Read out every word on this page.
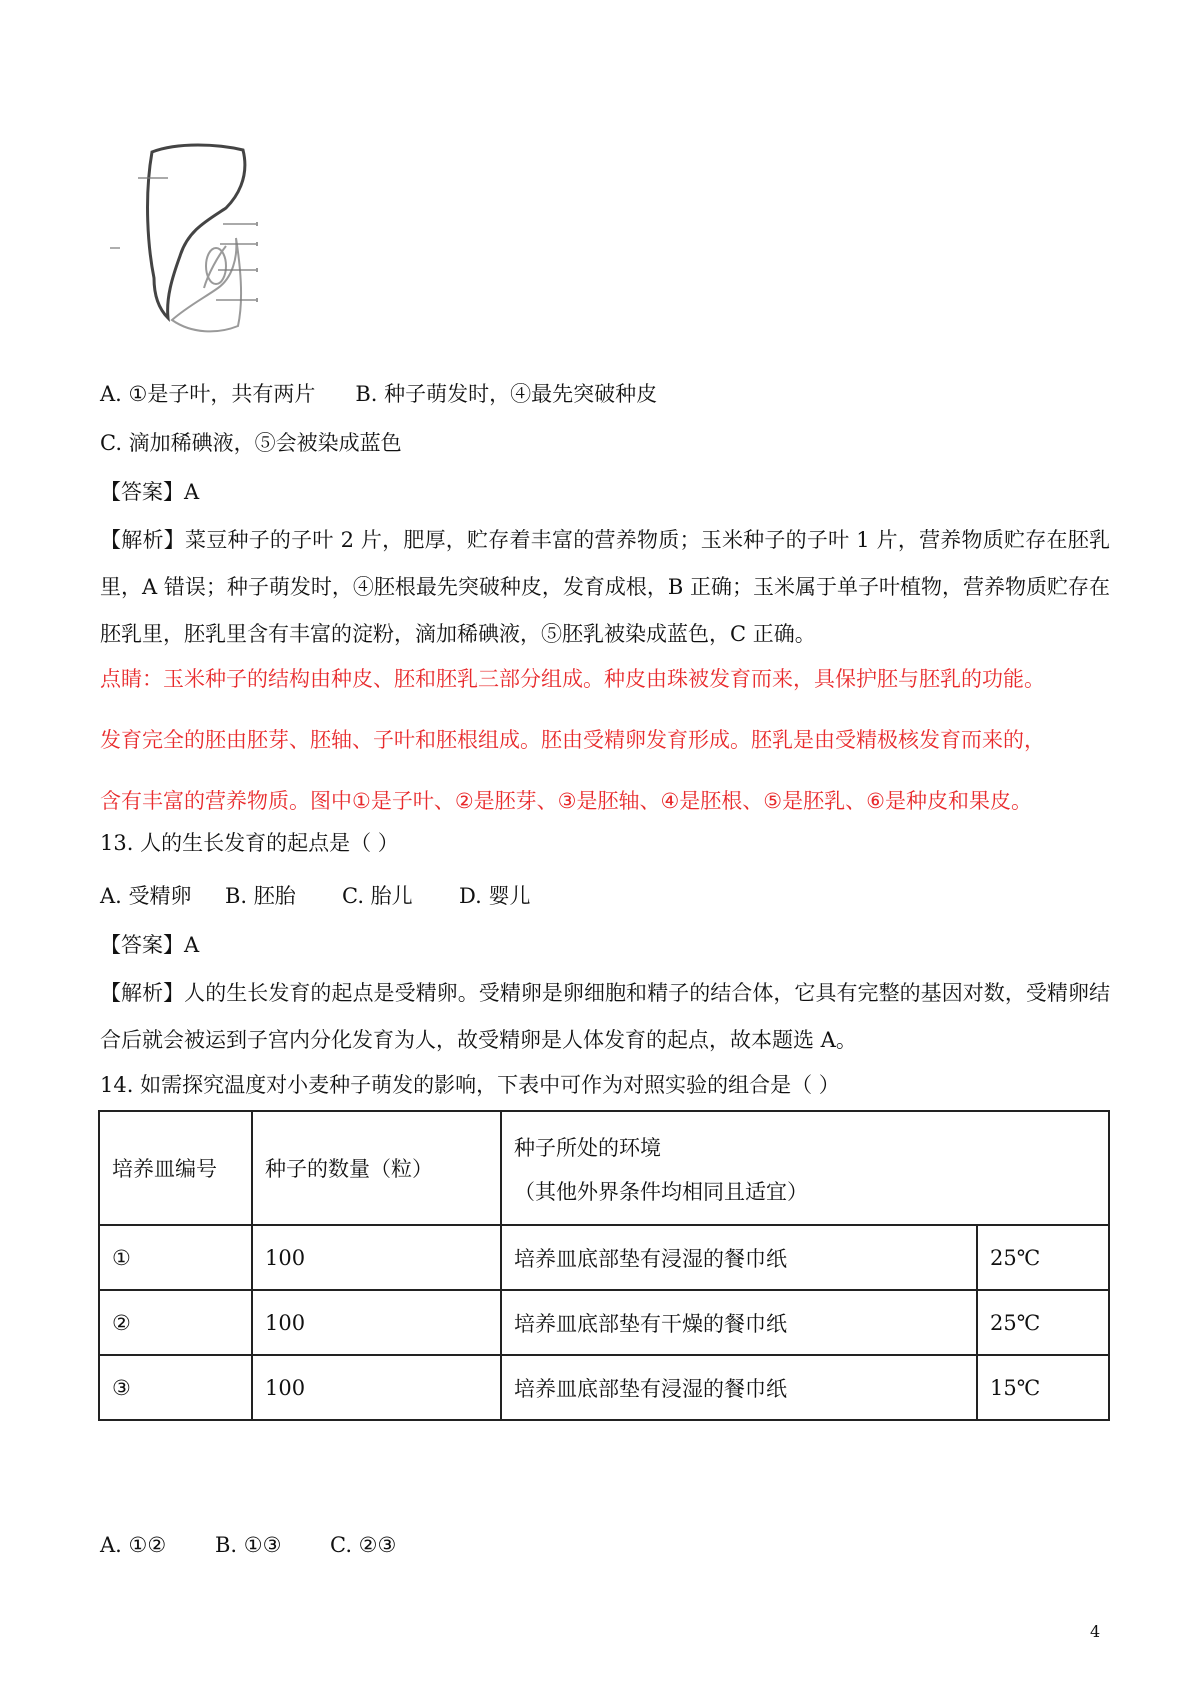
A. ①是子叶，共有两片 B. 种子萌发时，④最先突破种皮
C. 滴加稀碘液，⑤会被染成蓝色
【答案】A
【解析】菜豆种子的子叶 2 片，肥厚，贮存着丰富的营养物质；玉米种子的子叶 1 片，营养物质贮存在胚乳里，A 错误；种子萌发时，④胚根最先突破种皮，发育成根，B 正确；玉米属于单子叶植物，营养物质贮存在胚乳里，胚乳里含有丰富的淀粉，滴加稀碘液，⑤胚乳被染成蓝色，C 正确。
点睛：玉米种子的结构由种皮、胚和胚乳三部分组成。种皮由珠被发育而来，具保护胚与胚乳的功能。
发育完全的胚由胚芽、胚轴、子叶和胚根组成。胚由受精卵发育形成。胚乳是由受精极核发育而来的，
含有丰富的营养物质。图中①是子叶、②是胚芽、③是胚轴、④是胚根、⑤是胚乳、⑥是种皮和果皮。
13. 人的生长发育的起点是（ ）
A. 受精卵 B. 胚胎 C. 胎儿 D. 婴儿
【答案】A
【解析】人的生长发育的起点是受精卵。受精卵是卵细胞和精子的结合体，它具有完整的基因对数，受精卵结合后就会被运到子宫内分化发育为人，故受精卵是人体发育的起点，故本题选 A。
14. 如需探究温度对小麦种子萌发的影响，下表中可作为对照实验的组合是（ ）
培养皿编号	种子的数量（粒）	种子所处的环境
（其他外界条件均相同且适宜）	

①	100	培养皿底部垫有浸湿的餐巾纸	25℃
②	100	培养皿底部垫有干燥的餐巾纸	25℃
③	100	培养皿底部垫有浸湿的餐巾纸	15℃
A. ①② B. ①③ C. ②③
4
